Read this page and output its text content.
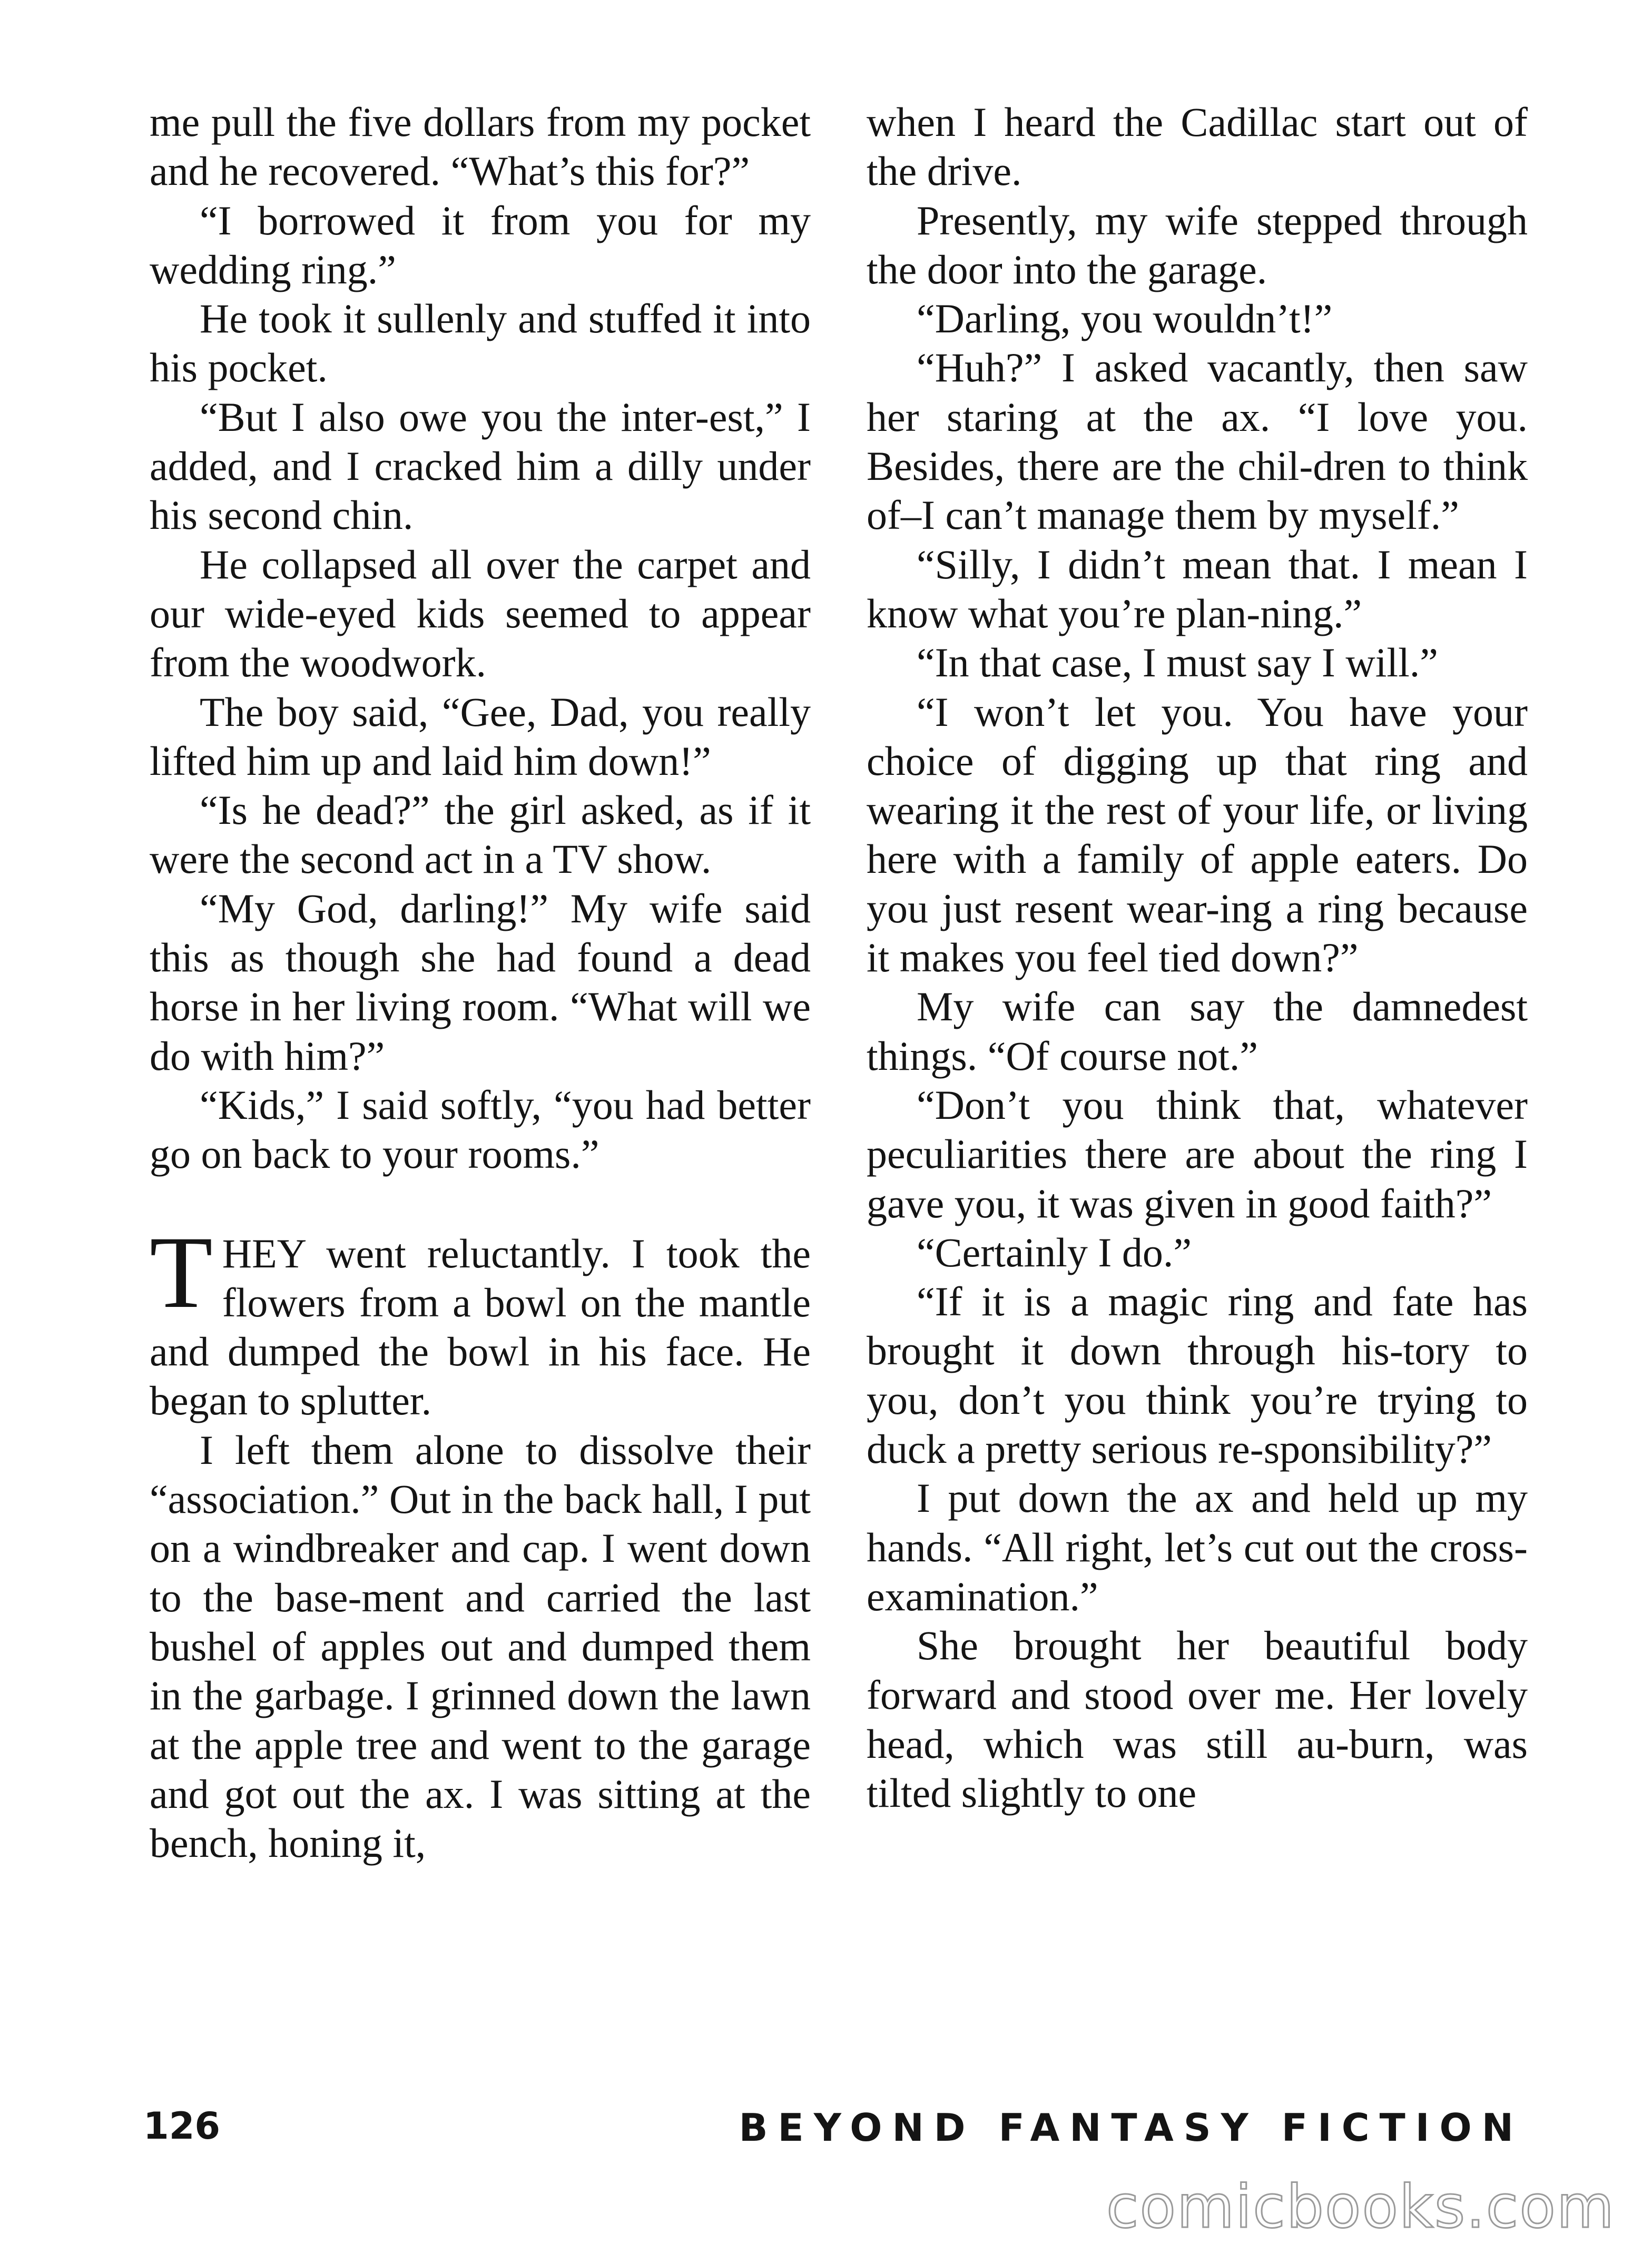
me pull the five dollars from my pocket and he recovered. “What’s this for?”

“I borrowed it from you for my wedding ring.”

He took it sullenly and stuffed it into his pocket.

“But I also owe you the inter-est,” I added, and I cracked him a dilly under his second chin.

He collapsed all over the carpet and our wide-eyed kids seemed to appear from the woodwork.

The boy said, “Gee, Dad, you really lifted him up and laid him down!”

“Is he dead?” the girl asked, as if it were the second act in a TV show.

“My God, darling!” My wife said this as though she had found a dead horse in her living room. “What will we do with him?”

“Kids,” I said softly, “you had better go on back to your rooms.”

THEY went reluctantly. I took the flowers from a bowl on the mantle and dumped the bowl in his face. He began to splutter.

I left them alone to dissolve their “association.” Out in the back hall, I put on a windbreaker and cap. I went down to the base-ment and carried the last bushel of apples out and dumped them in the garbage. I grinned down the lawn at the apple tree and went to the garage and got out the ax. I was sitting at the bench, honing it,

when I heard the Cadillac start out of the drive.

Presently, my wife stepped through the door into the garage.

“Darling, you wouldn’t!”

“Huh?” I asked vacantly, then saw her staring at the ax. “I love you. Besides, there are the chil-dren to think of–I can’t manage them by myself.”

“Silly, I didn’t mean that. I mean I know what you’re plan-ning.”

“In that case, I must say I will.”

“I won’t let you. You have your choice of digging up that ring and wearing it the rest of your life, or living here with a family of apple eaters. Do you just resent wear-ing a ring because it makes you feel tied down?”

My wife can say the damnedest things. “Of course not.”

“Don’t you think that, whatever peculiarities there are about the ring I gave you, it was given in good faith?”

“Certainly I do.”

“If it is a magic ring and fate has brought it down through his-tory to you, don’t you think you’re trying to duck a pretty serious re-sponsibility?”

I put down the ax and held up my hands. “All right, let’s cut out the cross-examination.”

She brought her beautiful body forward and stood over me. Her lovely head, which was still au-burn, was tilted slightly to one

126	BEYOND FANTASY FICTION
comicbooks.com
